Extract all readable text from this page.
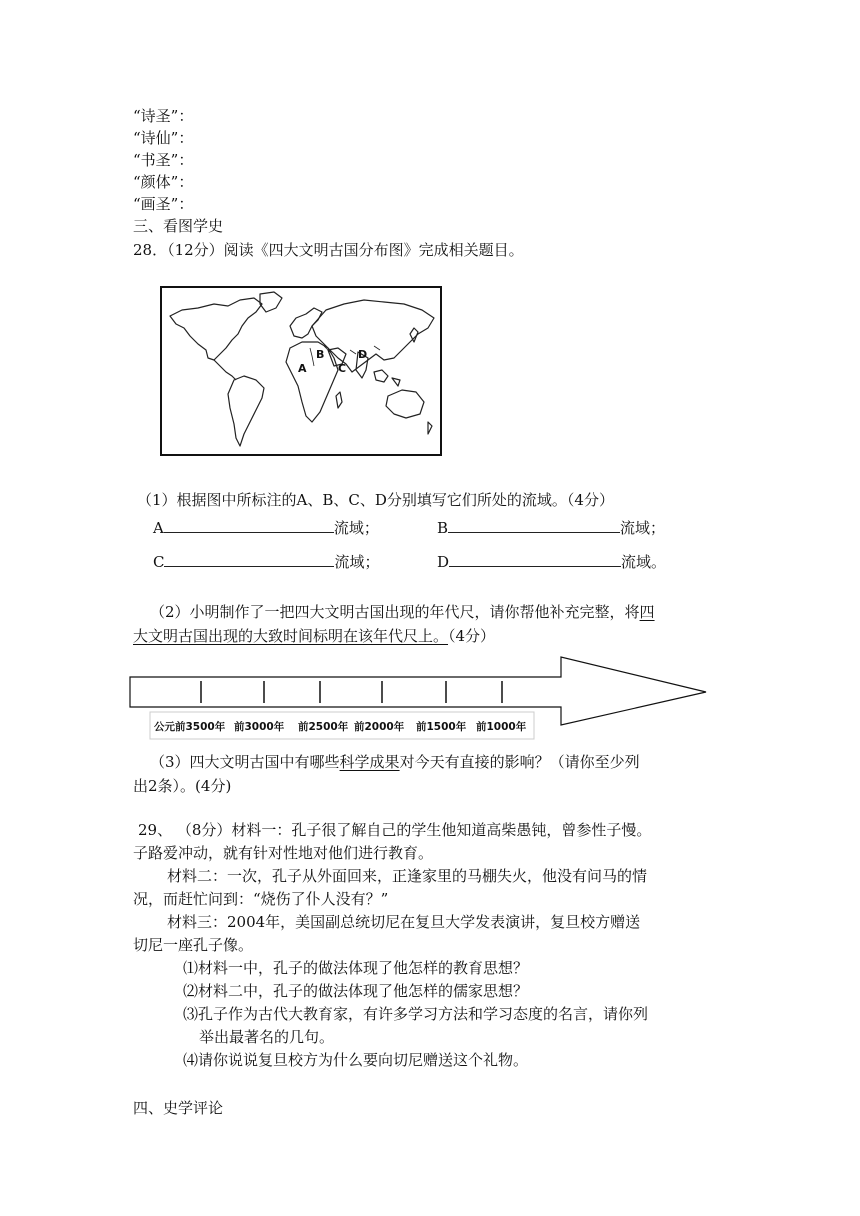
“诗圣”：
“诗仙”：
“书圣”：
“颜体”：
“画圣”：
三、看图学史
28．（12分）阅读《四大文明古国分布图》完成相关题目。
A
B
C
D
（1）根据图中所标注的A、B、C、D分别填写它们所处的流域。（4分）
A	流域；	B	流域；
C	流域；	D	流域。
（2）小明制作了一把四大文明古国出现的年代尺，请你帮他补充完整，将四
大文明古国出现的大致时间标明在该年代尺上。（4分）
公元前3500年 前3000年 前2500年 前2000年 前1500年 前1000年
（3）四大文明古国中有哪些科学成果对今天有直接的影响？（请你至少列
出2条）。(4分)
29、 （8分）材料一：孔子很了解自己的学生他知道高柴愚钝，曾参性子慢。
子路爱冲动，就有针对性地对他们进行教育。
材料二：一次，孔子从外面回来，正逢家里的马棚失火，他没有问马的情
况，而赶忙问到：“烧伤了仆人没有？”
材料三：2004年，美国副总统切尼在复旦大学发表演讲，复旦校方赠送
切尼一座孔子像。
⑴材料一中，孔子的做法体现了他怎样的教育思想？
⑵材料二中，孔子的做法体现了他怎样的儒家思想？
⑶孔子作为古代大教育家，有许多学习方法和学习态度的名言，请你列
举出最著名的几句。
⑷请你说说复旦校方为什么要向切尼赠送这个礼物。
四、史学评论
